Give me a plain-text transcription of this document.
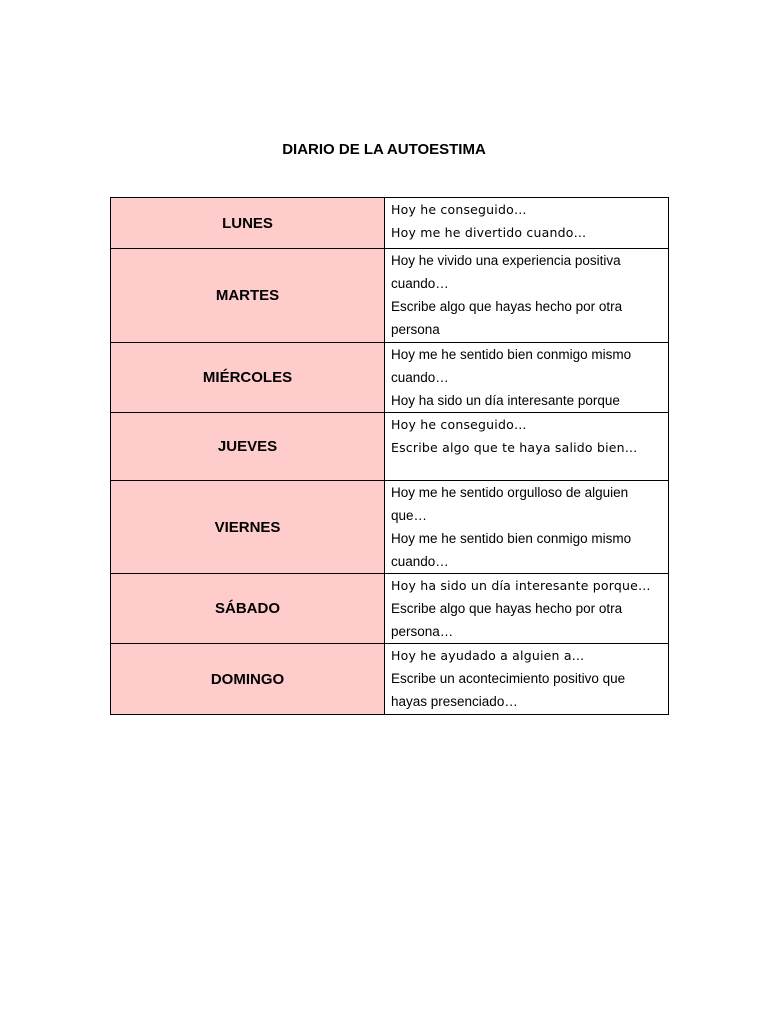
DIARIO DE LA AUTOESTIMA
LUNES	Hoy he conseguido…
Hoy me he divertido cuando…

MARTES	Hoy he vivido una experiencia positiva cuando…
Escribe algo que hayas hecho por otra persona

MIÉRCOLES	Hoy me he sentido bien conmigo mismo cuando…
Hoy ha sido un día interesante porque

JUEVES	Hoy he conseguido…
Escribe algo que te haya salido bien…

VIERNES	Hoy me he sentido orgulloso de alguien que…
Hoy me he sentido bien conmigo mismo cuando…

SÁBADO	Hoy ha sido un día interesante porque…
Escribe algo que hayas hecho por otra persona…

DOMINGO	Hoy he ayudado a alguien a…
Escribe un acontecimiento positivo que hayas presenciado…
